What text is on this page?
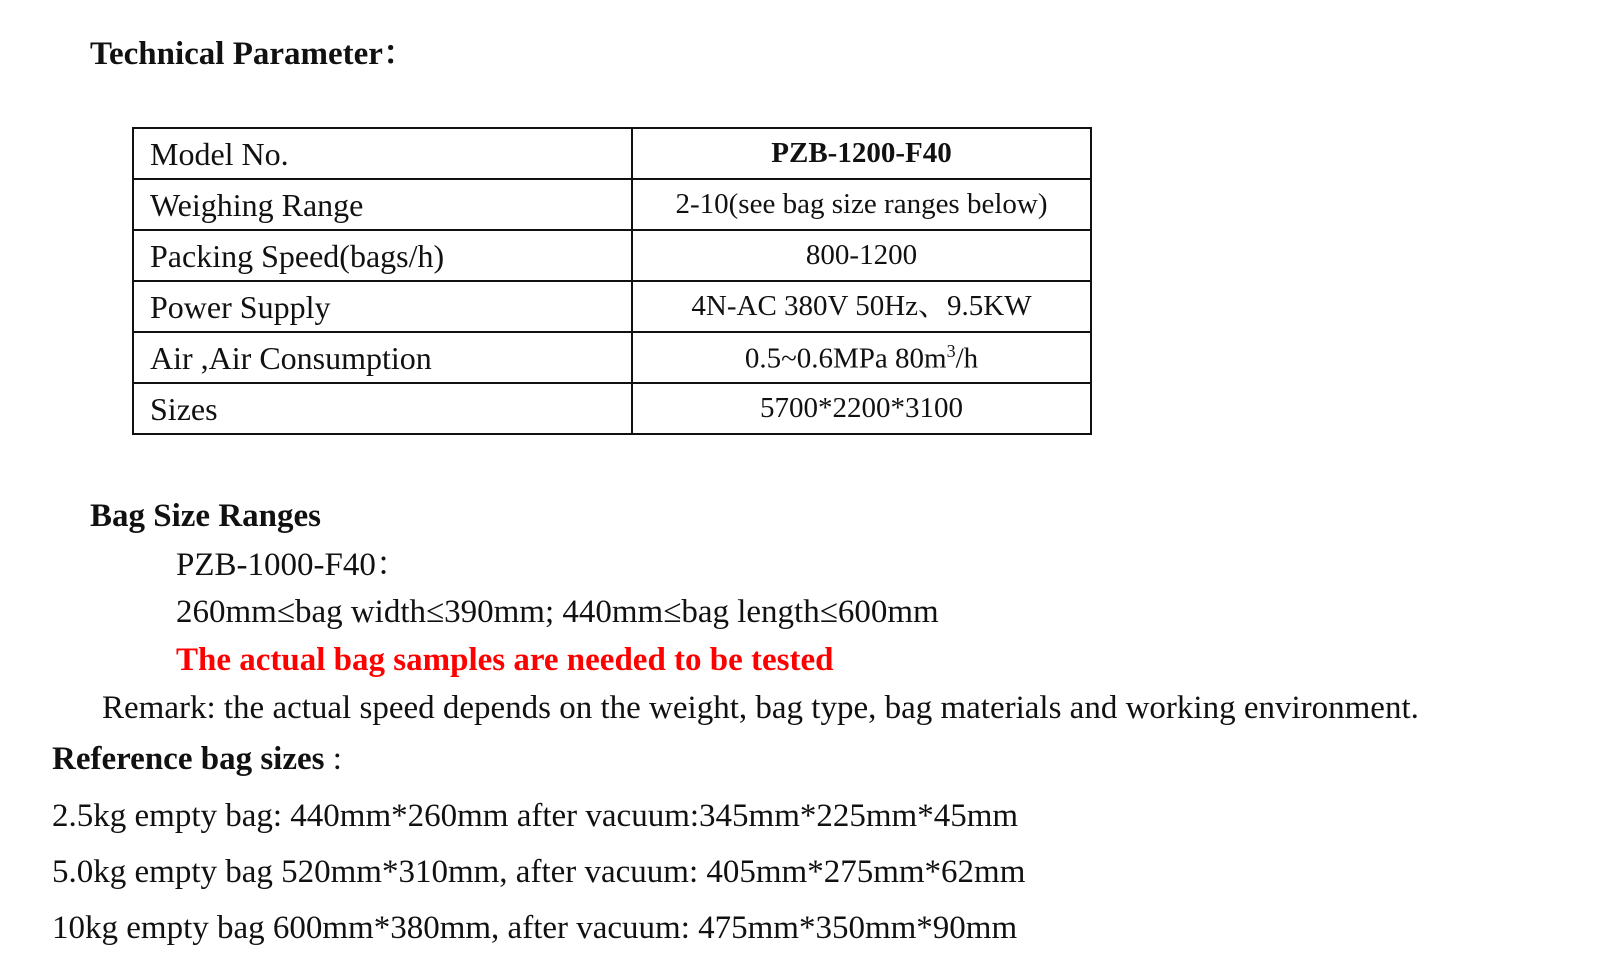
Technical Parameter：
Model No.	PZB-1200-F40
Weighing Range	2-10(see bag size ranges below)
Packing Speed(bags/h)	800-1200
Power Supply	4N-AC 380V 50Hz、9.5KW
Air ,Air Consumption	0.5~0.6MPa $80m^3/h$
Sizes	5700*2200*3100
Bag Size Ranges
PZB-1000-F40：
260mm≤bag width≤390mm; 440mm≤bag length≤600mm
The actual bag samples are needed to be tested
Remark: the actual speed depends on the weight, bag type, bag materials and working environment.
Reference bag sizes :
2.5kg empty bag: 440mm*260mm after vacuum:345mm*225mm*45mm
5.0kg empty bag 520mm*310mm, after vacuum: 405mm*275mm*62mm
10kg empty bag 600mm*380mm, after vacuum: 475mm*350mm*90mm
